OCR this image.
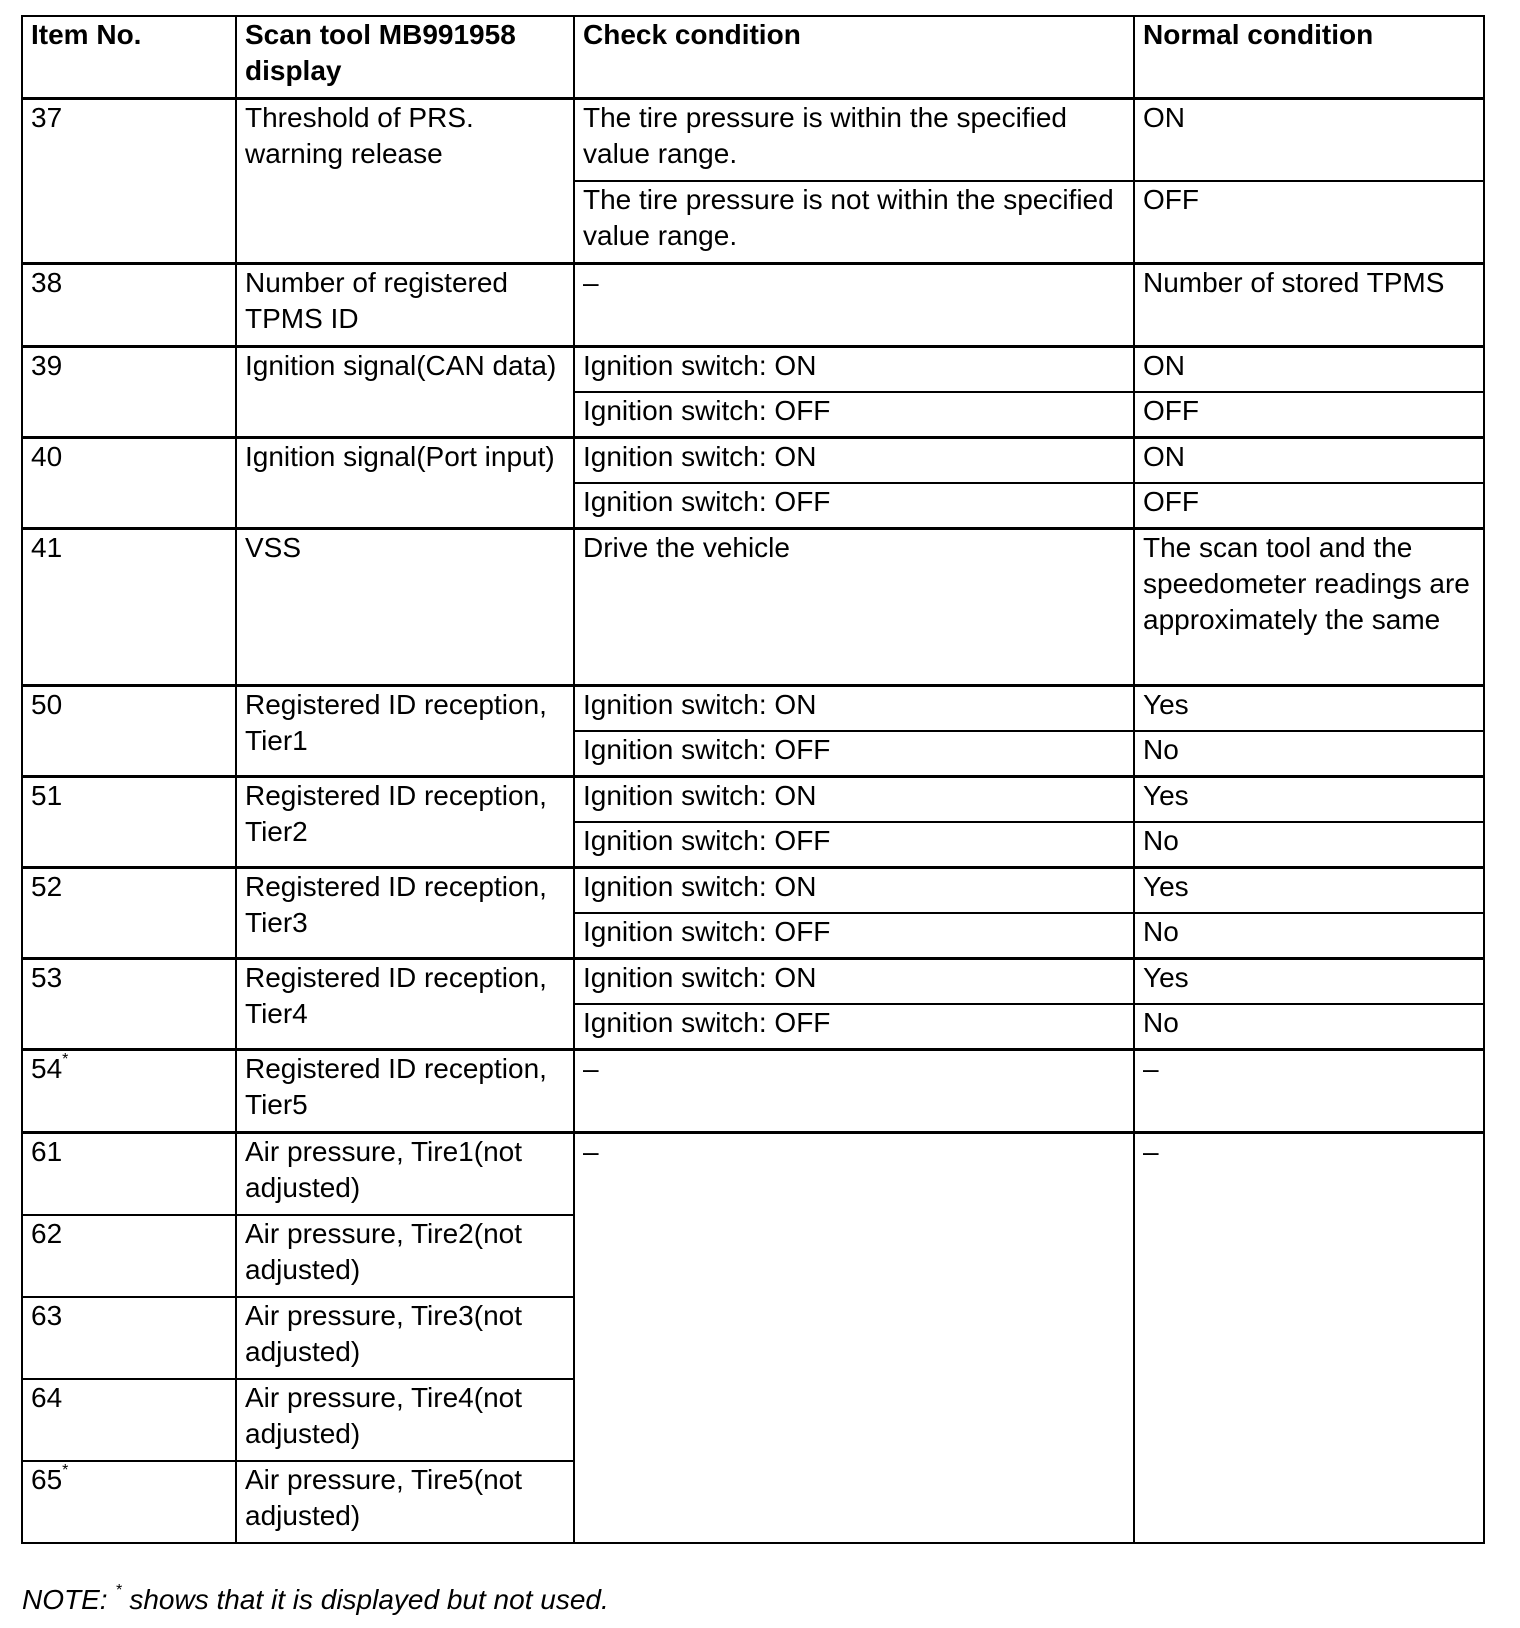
Item No.	Scan tool MB991958 display	Check condition	Normal condition
37	Threshold of PRS. warning release	The tire pressure is within the specified value range.	ON
		The tire pressure is not within the specified value range.	OFF
38	Number of registered TPMS ID	–	Number of stored TPMS
39	Ignition signal(CAN data)	Ignition switch: ON	ON
		Ignition switch: OFF	OFF
40	Ignition signal(Port input)	Ignition switch: ON	ON
		Ignition switch: OFF	OFF
41	VSS	Drive the vehicle	The scan tool and the speedometer readings are approximately the same
50	Registered ID reception, Tier1	Ignition switch: ON	Yes
		Ignition switch: OFF	No
51	Registered ID reception, Tier2	Ignition switch: ON	Yes
		Ignition switch: OFF	No
52	Registered ID reception, Tier3	Ignition switch: ON	Yes
		Ignition switch: OFF	No
53	Registered ID reception, Tier4	Ignition switch: ON	Yes
		Ignition switch: OFF	No
54*	Registered ID reception, Tier5	–	–
61	Air pressure, Tire1(not adjusted)	–	–
62	Air pressure, Tire2(not adjusted)		
63	Air pressure, Tire3(not adjusted)		
64	Air pressure, Tire4(not adjusted)		
65*	Air pressure, Tire5(not adjusted)		
NOTE: * shows that it is displayed but not used.
